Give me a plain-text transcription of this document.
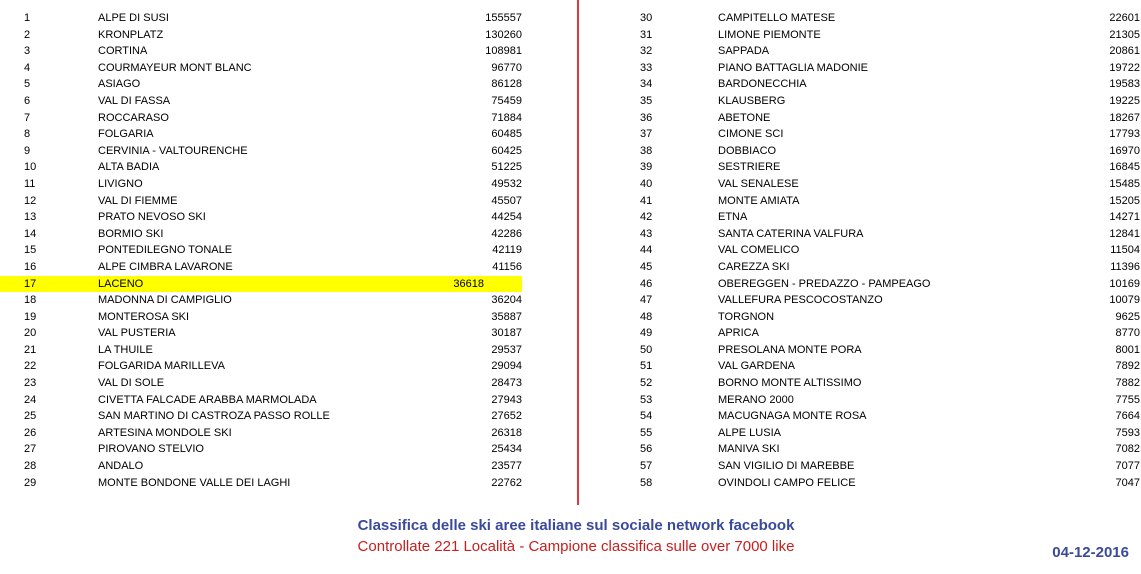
1	ALPE DI SUSI	155557
2	KRONPLATZ	130260
3	CORTINA	108981
4	COURMAYEUR MONT BLANC	96770
5	ASIAGO	86128
6	VAL DI FASSA	75459
7	ROCCARASO	71884
8	FOLGARIA	60485
9	CERVINIA - VALTOURENCHE	60425
10	ALTA BADIA	51225
11	LIVIGNO	49532
12	VAL DI FIEMME	45507
13	PRATO NEVOSO SKI	44254
14	BORMIO SKI	42286
15	PONTEDILEGNO TONALE	42119
16	ALPE CIMBRA LAVARONE	41156
17	LACENO	36618
18	MADONNA DI CAMPIGLIO	36204
19	MONTEROSA SKI	35887
20	VAL PUSTERIA	30187
21	LA THUILE	29537
22	FOLGARIDA MARILLEVA	29094
23	VAL DI SOLE	28473
24	CIVETTA FALCADE ARABBA MARMOLADA	27943
25	SAN MARTINO DI CASTROZA PASSO ROLLE	27652
26	ARTESINA MONDOLE SKI	26318
27	PIROVANO STELVIO	25434
28	ANDALO	23577
29	MONTE BONDONE VALLE DEI LAGHI	22762
30	CAMPITELLO MATESE	22601
31	LIMONE PIEMONTE	21305
32	SAPPADA	20861
33	PIANO BATTAGLIA MADONIE	19722
34	BARDONECCHIA	19583
35	KLAUSBERG	19225
36	ABETONE	18267
37	CIMONE SCI	17793
38	DOBBIACO	16970
39	SESTRIERE	16845
40	VAL SENALESE	15485
41	MONTE AMIATA	15205
42	ETNA	14271
43	SANTA CATERINA VALFURA	12841
44	VAL COMELICO	11504
45	CAREZZA SKI	11396
46	OBEREGGEN - PREDAZZO - PAMPEAGO	10169
47	VALLEFURA PESCOCOSTANZO	10079
48	TORGNON	9625
49	APRICA	8770
50	PRESOLANA MONTE PORA	8001
51	VAL GARDENA	7892
52	BORNO MONTE ALTISSIMO	7882
53	MERANO 2000	7755
54	MACUGNAGA MONTE ROSA	7664
55	ALPE LUSIA	7593
56	MANIVA SKI	7082
57	SAN VIGILIO DI MAREBBE	7077
58	OVINDOLI CAMPO FELICE	7047
Classifica delle ski aree italiane sul sociale network facebook
Controllate 221 Località - Campione classifica sulle over 7000 like	04-12-2016
